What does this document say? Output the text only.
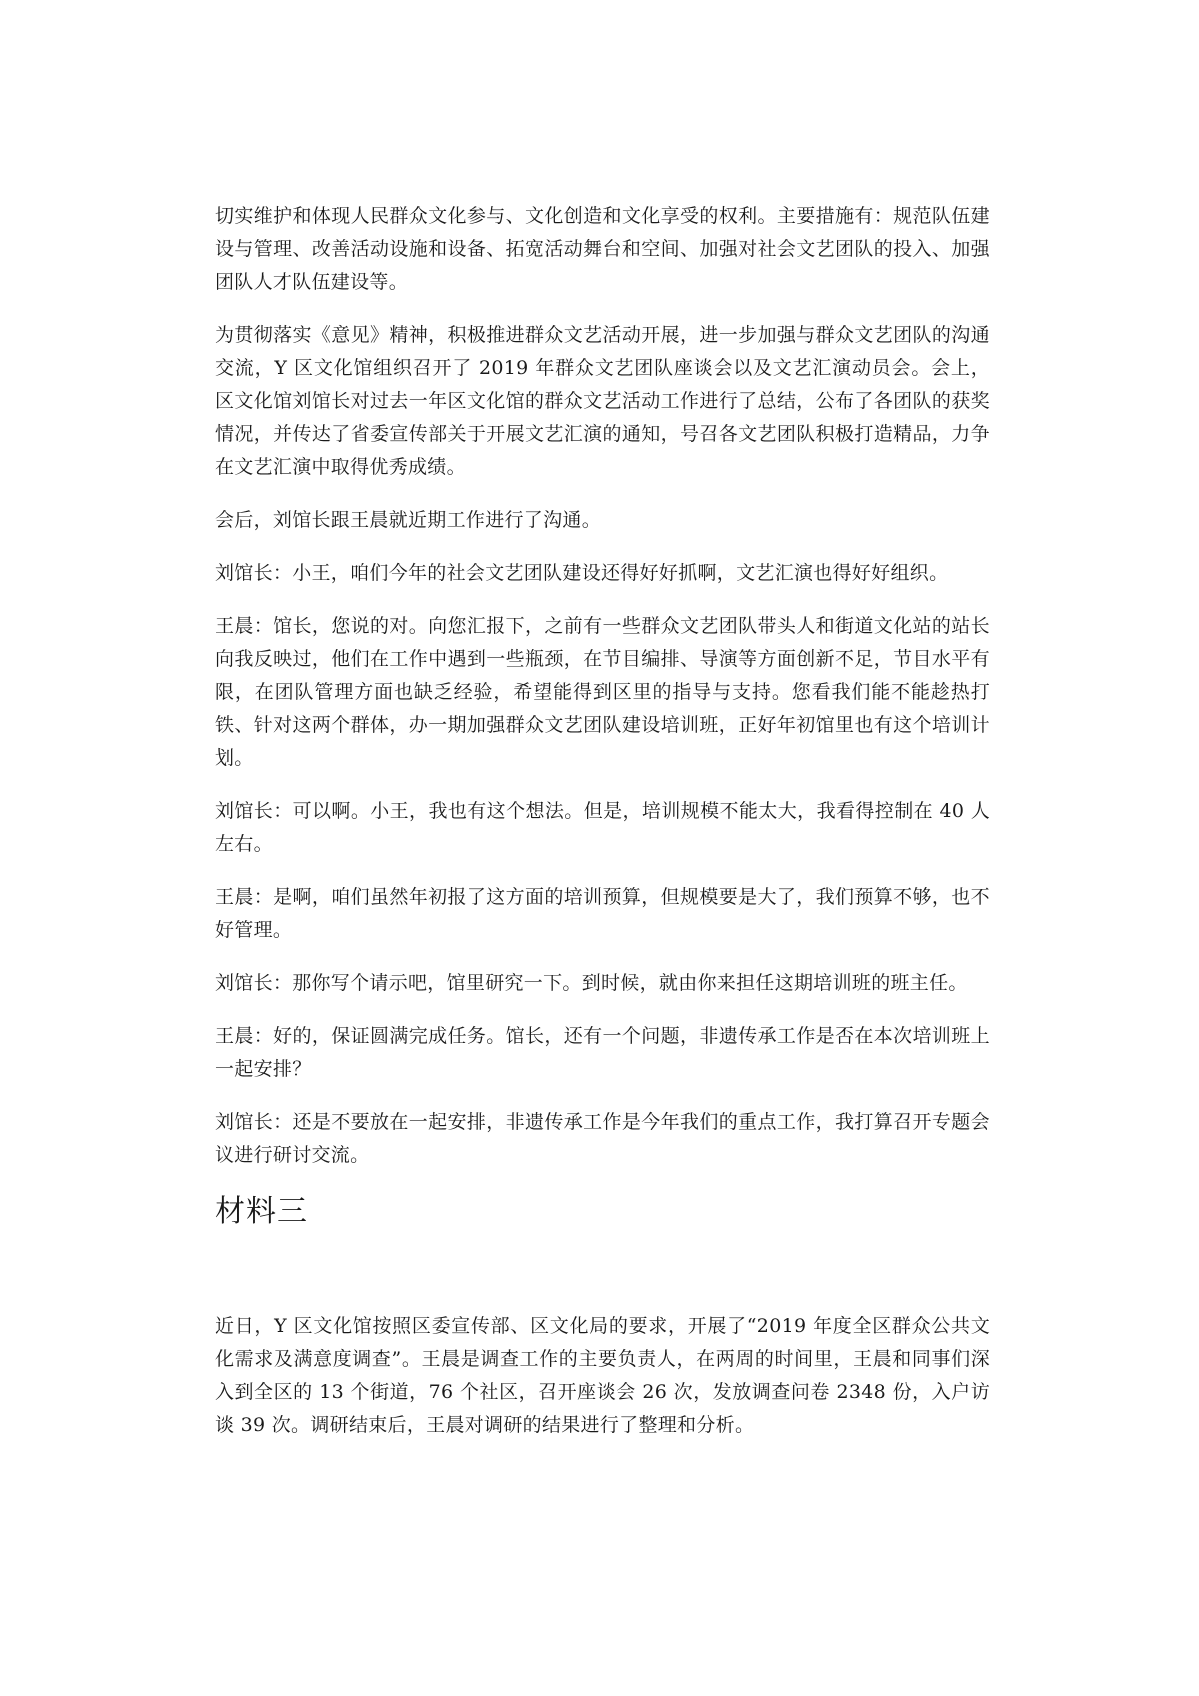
切实维护和体现人民群众文化参与、文化创造和文化享受的权利。主要措施有：规范队伍建设与管理、改善活动设施和设备、拓宽活动舞台和空间、加强对社会文艺团队的投入、加强团队人才队伍建设等。

为贯彻落实《意见》精神，积极推进群众文艺活动开展，进一步加强与群众文艺团队的沟通交流，Y 区文化馆组织召开了 2019 年群众文艺团队座谈会以及文艺汇演动员会。会上，区文化馆刘馆长对过去一年区文化馆的群众文艺活动工作进行了总结，公布了各团队的获奖情况，并传达了省委宣传部关于开展文艺汇演的通知，号召各文艺团队积极打造精品，力争在文艺汇演中取得优秀成绩。

会后，刘馆长跟王晨就近期工作进行了沟通。

刘馆长：小王，咱们今年的社会文艺团队建设还得好好抓啊，文艺汇演也得好好组织。

王晨：馆长，您说的对。向您汇报下，之前有一些群众文艺团队带头人和街道文化站的站长向我反映过，他们在工作中遇到一些瓶颈，在节目编排、导演等方面创新不足，节目水平有限，在团队管理方面也缺乏经验，希望能得到区里的指导与支持。您看我们能不能趁热打铁、针对这两个群体，办一期加强群众文艺团队建设培训班，正好年初馆里也有这个培训计划。

刘馆长：可以啊。小王，我也有这个想法。但是，培训规模不能太大，我看得控制在 40 人左右。

王晨：是啊，咱们虽然年初报了这方面的培训预算，但规模要是大了，我们预算不够，也不好管理。

刘馆长：那你写个请示吧，馆里研究一下。到时候，就由你来担任这期培训班的班主任。

王晨：好的，保证圆满完成任务。馆长，还有一个问题，非遗传承工作是否在本次培训班上一起安排？

刘馆长：还是不要放在一起安排，非遗传承工作是今年我们的重点工作，我打算召开专题会议进行研讨交流。

材料三

近日，Y 区文化馆按照区委宣传部、区文化局的要求，开展了“2019 年度全区群众公共文化需求及满意度调查”。王晨是调查工作的主要负责人，在两周的时间里，王晨和同事们深入到全区的 13 个街道，76 个社区，召开座谈会 26 次，发放调查问卷 2348 份，入户访谈 39 次。调研结束后，王晨对调研的结果进行了整理和分析。
